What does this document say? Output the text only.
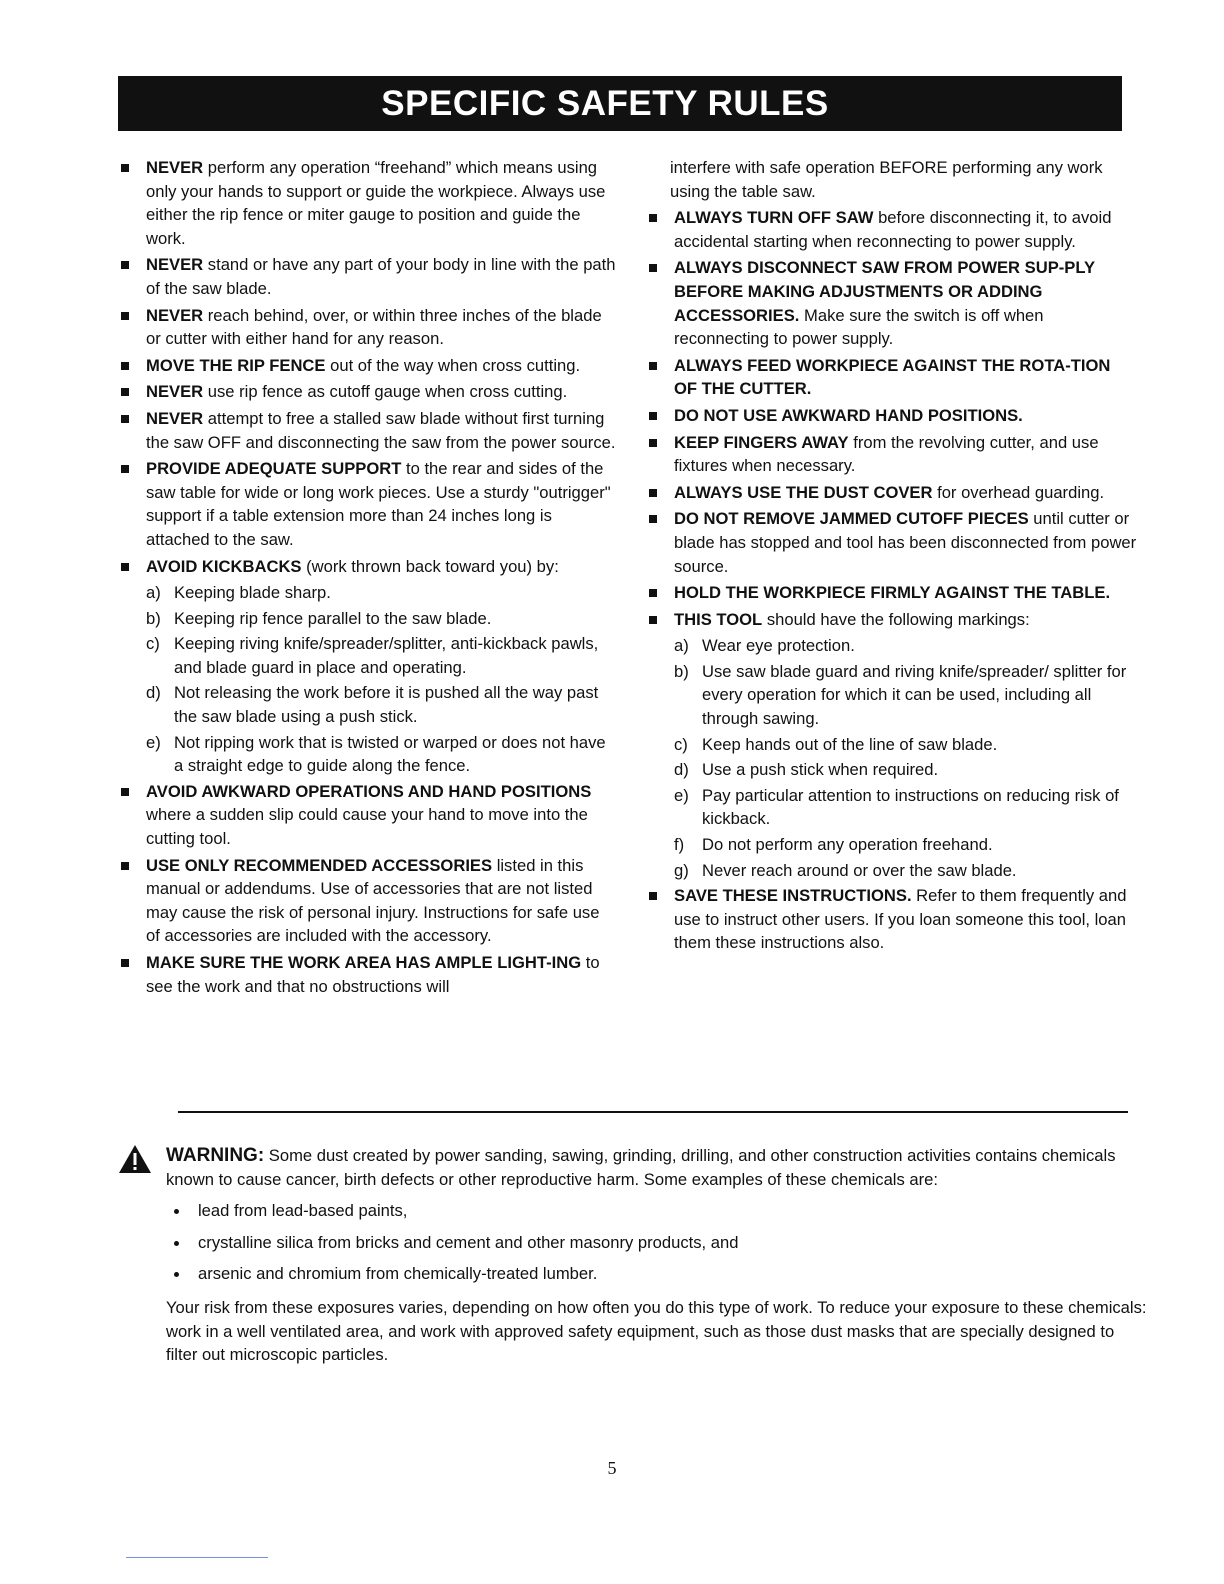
SPECIFIC SAFETY RULES
NEVER perform any operation “freehand” which means using only your hands to support or guide the workpiece. Always use either the rip fence or miter gauge to position and guide the work.
NEVER stand or have any part of your body in line with the path of the saw blade.
NEVER reach behind, over, or within three inches of the blade or cutter with either hand for any reason.
MOVE THE RIP FENCE out of the way when cross cutting.
NEVER use rip fence as cutoff gauge when cross cutting.
NEVER attempt to free a stalled saw blade without first turning the saw OFF and disconnecting the saw from the power source.
PROVIDE ADEQUATE SUPPORT to the rear and sides of the saw table for wide or long work pieces. Use a sturdy "outrigger" support if a table extension more than 24 inches long is attached to the saw.
AVOID KICKBACKS (work thrown back toward you) by:
a) Keeping blade sharp.
b) Keeping rip fence parallel to the saw blade.
c) Keeping riving knife/spreader/splitter, anti-kickback pawls, and blade guard in place and operating.
d) Not releasing the work before it is pushed all the way past the saw blade using a push stick.
e) Not ripping work that is twisted or warped or does not have a straight edge to guide along the fence.
AVOID AWKWARD OPERATIONS AND HAND POSITIONS where a sudden slip could cause your hand to move into the cutting tool.
USE ONLY RECOMMENDED ACCESSORIES listed in this manual or addendums. Use of accessories that are not listed may cause the risk of personal injury. Instructions for safe use of accessories are included with the accessory.
MAKE SURE THE WORK AREA HAS AMPLE LIGHT-ING to see the work and that no obstructions will
interfere with safe operation BEFORE performing any work using the table saw.
ALWAYS TURN OFF SAW before disconnecting it, to avoid accidental starting when reconnecting to power supply.
ALWAYS DISCONNECT SAW FROM POWER SUP-PLY BEFORE MAKING ADJUSTMENTS OR ADDING ACCESSORIES. Make sure the switch is off when reconnecting to power supply.
ALWAYS FEED WORKPIECE AGAINST THE ROTA-TION OF THE CUTTER.
DO NOT USE AWKWARD HAND POSITIONS.
KEEP FINGERS AWAY from the revolving cutter, and use fixtures when necessary.
ALWAYS USE THE DUST COVER for overhead guarding.
DO NOT REMOVE JAMMED CUTOFF PIECES until cutter or blade has stopped and tool has been disconnected from power source.
HOLD THE WORKPIECE FIRMLY AGAINST THE TABLE.
THIS TOOL should have the following markings:
a) Wear eye protection.
b) Use saw blade guard and riving knife/spreader/ splitter for every operation for which it can be used, including all through sawing.
c) Keep hands out of the line of saw blade.
d) Use a push stick when required.
e) Pay particular attention to instructions on reducing risk of kickback.
f) Do not perform any operation freehand.
g) Never reach around or over the saw blade.
SAVE THESE INSTRUCTIONS. Refer to them frequently and use to instruct other users. If you loan someone this tool, loan them these instructions also.
WARNING: Some dust created by power sanding, sawing, grinding, drilling, and other construction activities contains chemicals known to cause cancer, birth defects or other reproductive harm. Some examples of these chemicals are:
lead from lead-based paints,
crystalline silica from bricks and cement and other masonry products, and
arsenic and chromium from chemically-treated lumber.
Your risk from these exposures varies, depending on how often you do this type of work. To reduce your exposure to these chemicals: work in a well ventilated area, and work with approved safety equipment, such as those dust masks that are specially designed to filter out microscopic particles.
5
